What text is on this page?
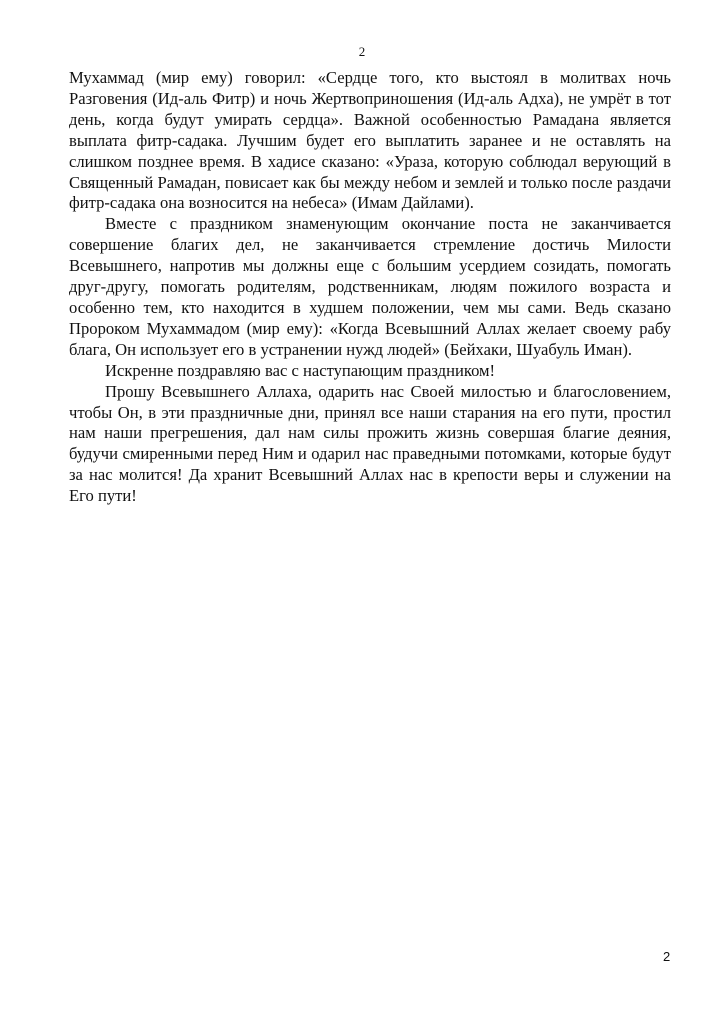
2

Мухаммад (мир ему) говорил: «Сердце того, кто выстоял в молитвах ночь Разговения (Ид-аль Фитр) и ночь Жертвоприношения (Ид-аль Адха), не умрёт в тот день, когда будут умирать сердца». Важной особенностью Рамадана является выплата фитр-садака. Лучшим будет его выплатить заранее и не оставлять на слишком позднее время. В хадисе сказано: «Ураза, которую соблюдал верующий в Священный Рамадан, повисает как бы между небом и землей и только после раздачи фитр-садака она возносится на небеса» (Имам Дайлами).

Вместе с праздником знаменующим окончание поста не заканчивается совершение благих дел, не заканчивается стремление достичь Милости Всевышнего, напротив мы должны еще с большим усердием созидать, помогать друг-другу, помогать родителям, родственникам, людям пожилого возраста и особенно тем, кто находится в худшем положении, чем мы сами. Ведь сказано Пророком Мухаммадом (мир ему): «Когда Всевышний Аллах желает своему рабу блага, Он использует его в устранении нужд людей» (Бейхаки, Шуабуль Иман).

Искренне поздравляю вас с наступающим праздником!

Прошу Всевышнего Аллаха, одарить нас Своей милостью и благословением, чтобы Он, в эти праздничные дни, принял все наши старания на его пути, простил нам наши прегрешения, дал нам силы прожить жизнь совершая благие деяния, будучи смиренными перед Ним и одарил нас праведными потомками, которые будут за нас молится! Да хранит Всевышний Аллах нас в крепости веры и служении на Его пути!

2
